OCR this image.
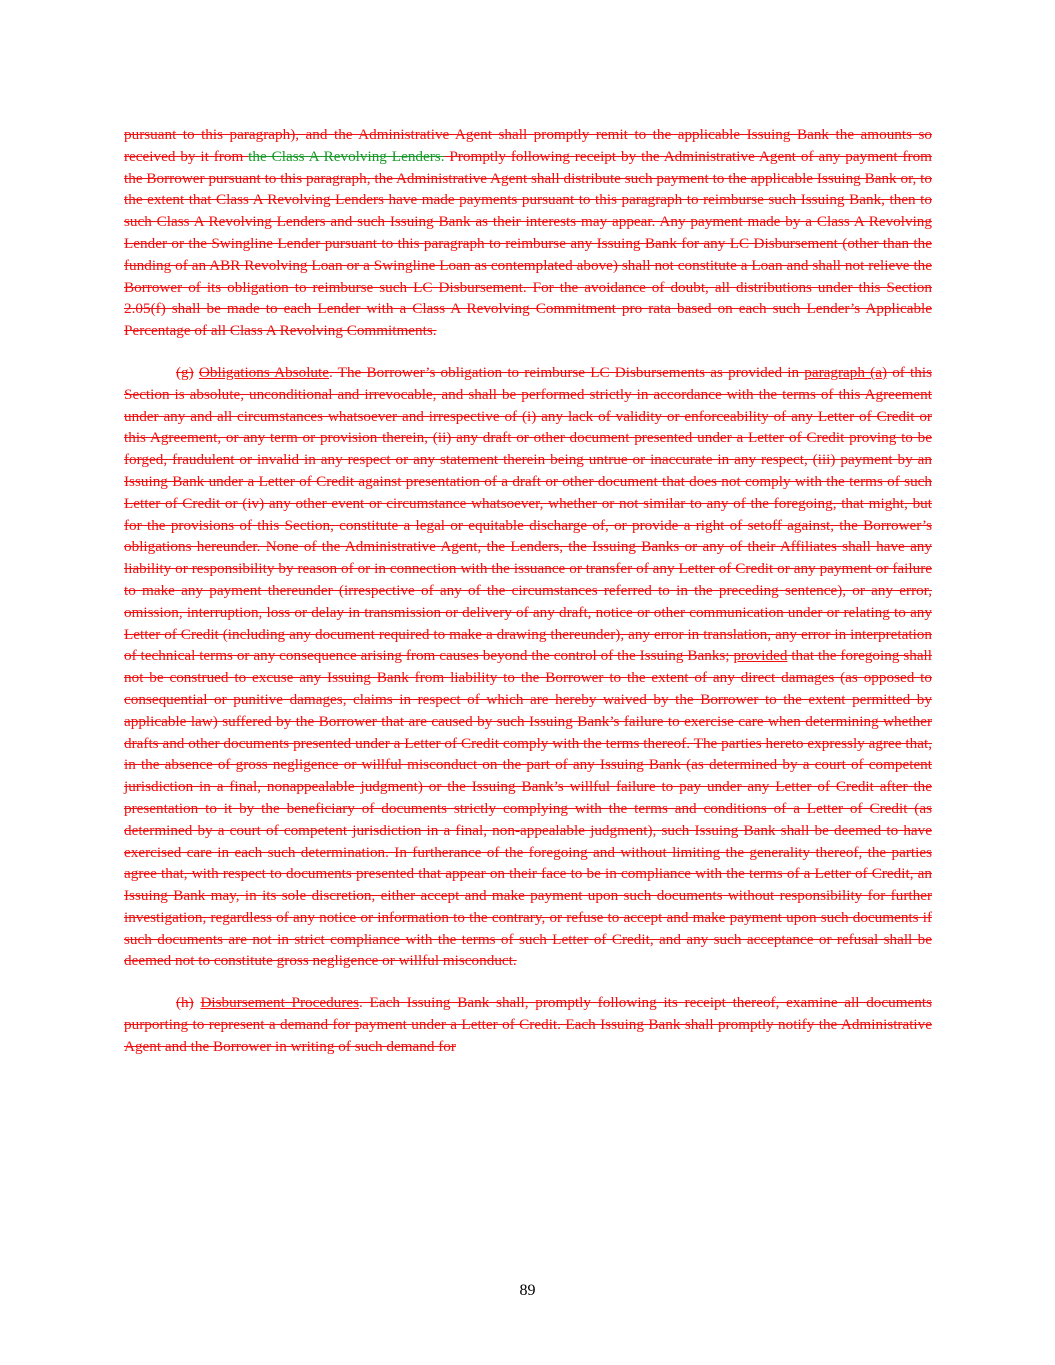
pursuant to this paragraph), and the Administrative Agent shall promptly remit to the applicable Issuing Bank the amounts so received by it from the Class A Revolving Lenders. Promptly following receipt by the Administrative Agent of any payment from the Borrower pursuant to this paragraph, the Administrative Agent shall distribute such payment to the applicable Issuing Bank or, to the extent that Class A Revolving Lenders have made payments pursuant to this paragraph to reimburse such Issuing Bank, then to such Class A Revolving Lenders and such Issuing Bank as their interests may appear. Any payment made by a Class A Revolving Lender or the Swingline Lender pursuant to this paragraph to reimburse any Issuing Bank for any LC Disbursement (other than the funding of an ABR Revolving Loan or a Swingline Loan as contemplated above) shall not constitute a Loan and shall not relieve the Borrower of its obligation to reimburse such LC Disbursement. For the avoidance of doubt, all distributions under this Section 2.05(f) shall be made to each Lender with a Class A Revolving Commitment pro rata based on each such Lender’s Applicable Percentage of all Class A Revolving Commitments.

(g) Obligations Absolute. The Borrower’s obligation to reimburse LC Disbursements as provided in paragraph (a) of this Section is absolute, unconditional and irrevocable, and shall be performed strictly in accordance with the terms of this Agreement under any and all circumstances whatsoever and irrespective of (i) any lack of validity or enforceability of any Letter of Credit or this Agreement, or any term or provision therein, (ii) any draft or other document presented under a Letter of Credit proving to be forged, fraudulent or invalid in any respect or any statement therein being untrue or inaccurate in any respect, (iii) payment by an Issuing Bank under a Letter of Credit against presentation of a draft or other document that does not comply with the terms of such Letter of Credit or (iv) any other event or circumstance whatsoever, whether or not similar to any of the foregoing, that might, but for the provisions of this Section, constitute a legal or equitable discharge of, or provide a right of setoff against, the Borrower’s obligations hereunder. None of the Administrative Agent, the Lenders, the Issuing Banks or any of their Affiliates shall have any liability or responsibility by reason of or in connection with the issuance or transfer of any Letter of Credit or any payment or failure to make any payment thereunder (irrespective of any of the circumstances referred to in the preceding sentence), or any error, omission, interruption, loss or delay in transmission or delivery of any draft, notice or other communication under or relating to any Letter of Credit (including any document required to make a drawing thereunder), any error in translation, any error in interpretation of technical terms or any consequence arising from causes beyond the control of the Issuing Banks; provided that the foregoing shall not be construed to excuse any Issuing Bank from liability to the Borrower to the extent of any direct damages (as opposed to consequential or punitive damages, claims in respect of which are hereby waived by the Borrower to the extent permitted by applicable law) suffered by the Borrower that are caused by such Issuing Bank’s failure to exercise care when determining whether drafts and other documents presented under a Letter of Credit comply with the terms thereof. The parties hereto expressly agree that, in the absence of gross negligence or willful misconduct on the part of any Issuing Bank (as determined by a court of competent jurisdiction in a final, nonappealable judgment) or the Issuing Bank’s willful failure to pay under any Letter of Credit after the presentation to it by the beneficiary of documents strictly complying with the terms and conditions of a Letter of Credit (as determined by a court of competent jurisdiction in a final, non-appealable judgment), such Issuing Bank shall be deemed to have exercised care in each such determination. In furtherance of the foregoing and without limiting the generality thereof, the parties agree that, with respect to documents presented that appear on their face to be in compliance with the terms of a Letter of Credit, an Issuing Bank may, in its sole discretion, either accept and make payment upon such documents without responsibility for further investigation, regardless of any notice or information to the contrary, or refuse to accept and make payment upon such documents if such documents are not in strict compliance with the terms of such Letter of Credit, and any such acceptance or refusal shall be deemed not to constitute gross negligence or willful misconduct.

(h) Disbursement Procedures. Each Issuing Bank shall, promptly following its receipt thereof, examine all documents purporting to represent a demand for payment under a Letter of Credit. Each Issuing Bank shall promptly notify the Administrative Agent and the Borrower in writing of such demand for

89
